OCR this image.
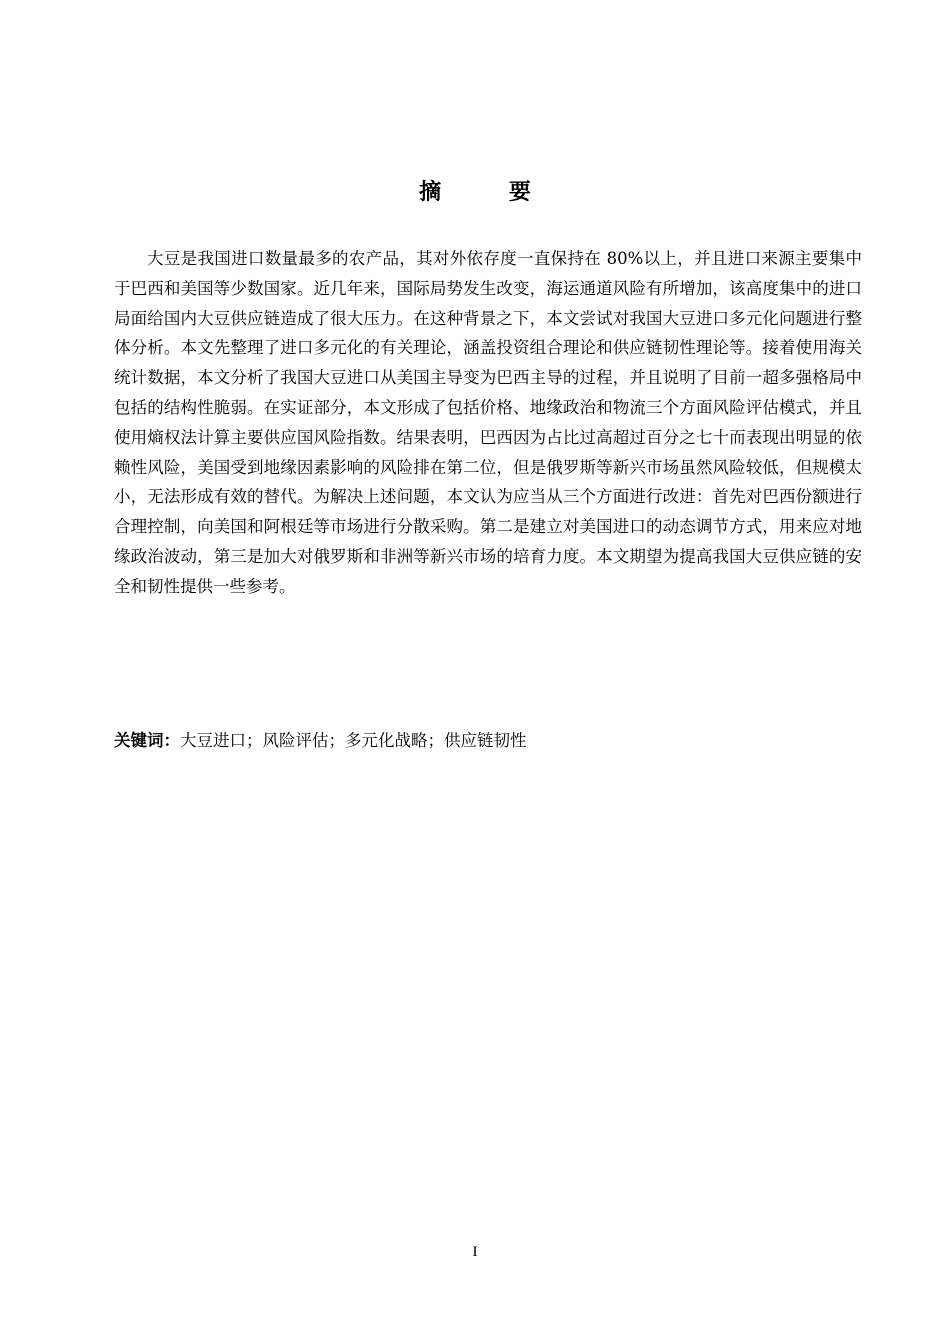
摘 要

大豆是我国进口数量最多的农产品，其对外依存度一直保持在 80%以上，并且进口来源主要集中于巴西和美国等少数国家。近几年来，国际局势发生改变，海运通道风险有所增加，该高度集中的进口局面给国内大豆供应链造成了很大压力。在这种背景之下，本文尝试对我国大豆进口多元化问题进行整体分析。本文先整理了进口多元化的有关理论，涵盖投资组合理论和供应链韧性理论等。接着使用海关统计数据，本文分析了我国大豆进口从美国主导变为巴西主导的过程，并且说明了目前一超多强格局中包括的结构性脆弱。在实证部分，本文形成了包括价格、地缘政治和物流三个方面风险评估模式，并且使用熵权法计算主要供应国风险指数。结果表明，巴西因为占比过高超过百分之七十而表现出明显的依赖性风险，美国受到地缘因素影响的风险排在第二位，但是俄罗斯等新兴市场虽然风险较低，但规模太小，无法形成有效的替代。为解决上述问题，本文认为应当从三个方面进行改进：首先对巴西份额进行合理控制，向美国和阿根廷等市场进行分散采购。第二是建立对美国进口的动态调节方式，用来应对地缘政治波动，第三是加大对俄罗斯和非洲等新兴市场的培育力度。本文期望为提高我国大豆供应链的安全和韧性提供一些参考。

关键词：大豆进口；风险评估；多元化战略；供应链韧性
I
